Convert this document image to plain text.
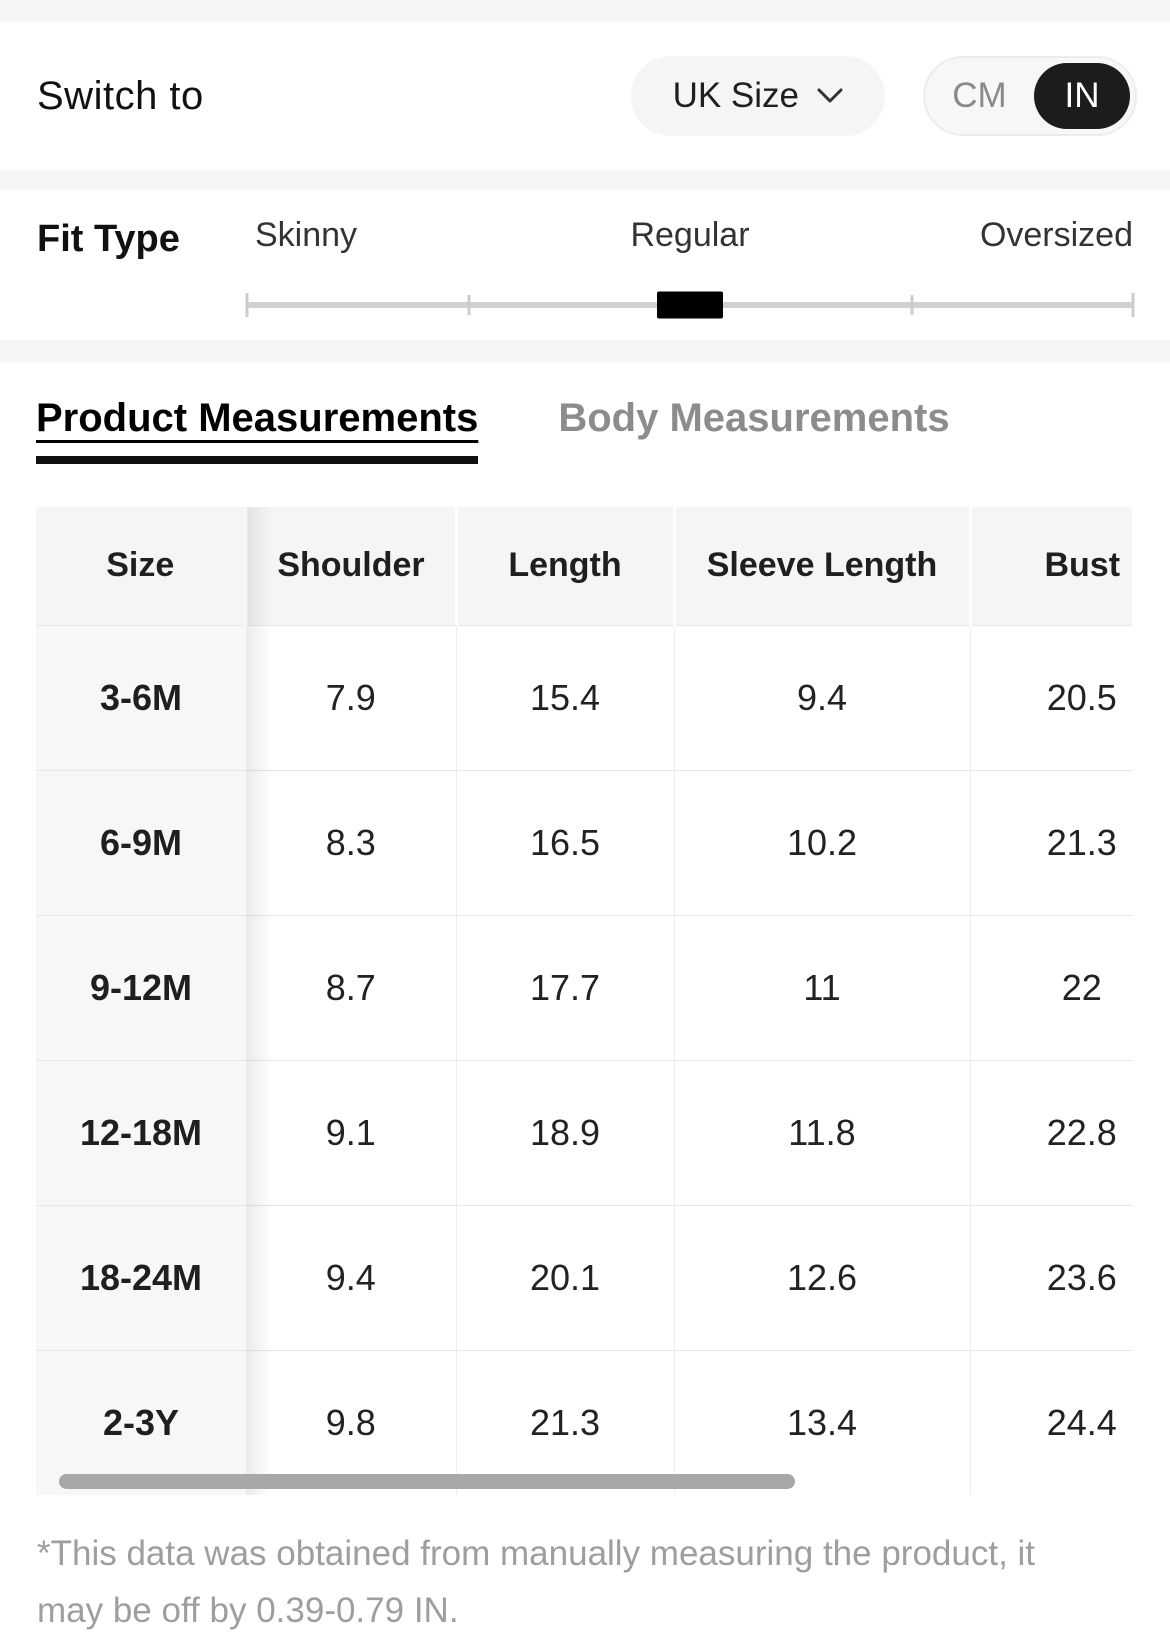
Switch to	UK Size	CM	IN
Fit Type Skinny	Regular	Oversized
Product Measurements Body Measurements
Size	Shoulder	Length	Sleeve Length	Bust
3-6M	7.9	15.4	9.4	20.5
6-9M	8.3	16.5	10.2	21.3
9-12M	8.7	17.7	11	22
12-18M	9.1	18.9	11.8	22.8
18-24M	9.4	20.1	12.6	23.6
2-3Y	9.8	21.3	13.4	24.4

*This data was obtained from manually measuring the product, it
may be off by 0.39-0.79 IN.
